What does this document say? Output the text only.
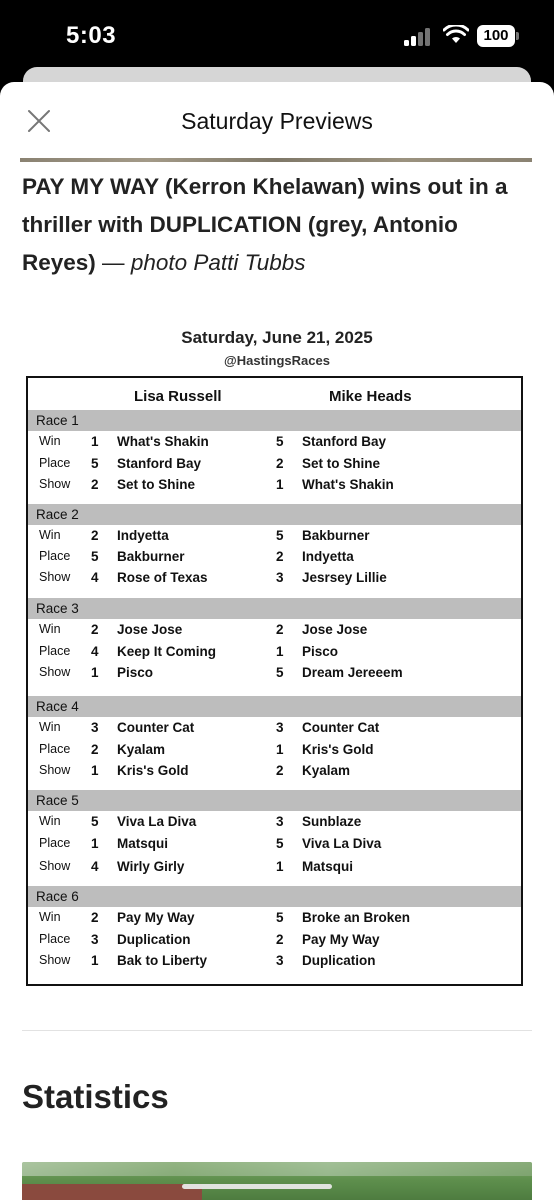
5:03	100
Saturday Previews
PAY MY WAY (Kerron Khelawan) wins out in a thriller with DUPLICATION (grey, Antonio Reyes) — photo Patti Tubbs
Saturday, June 21, 2025
@HastingsRaces
Lisa Russell	Mike Heads
Race 1
Win 1 What's Shakin	5 Stanford Bay
Place 5 Stanford Bay	2 Set to Shine
Show 2 Set to Shine	1 What's Shakin
Race 2
Win 2 Indyetta	5 Bakburner
Place 5 Bakburner	2 Indyetta
Show 4 Rose of Texas	3 Jesrsey Lillie
Race 3
Win 2 Jose Jose	2 Jose Jose
Place 4 Keep It Coming	1 Pisco
Show 1 Pisco	5 Dream Jereeem
Race 4
Win 3 Counter Cat	3 Counter Cat
Place 2 Kyalam	1 Kris's Gold
Show 1 Kris's Gold	2 Kyalam
Race 5
Win 5 Viva La Diva	3 Sunblaze
Place 1 Matsqui	5 Viva La Diva
Show 4 Wirly Girly	1 Matsqui
Race 6
Win 2 Pay My Way	5 Broke an Broken
Place 3 Duplication	2 Pay My Way
Show 1 Bak to Liberty	3 Duplication
Statistics
